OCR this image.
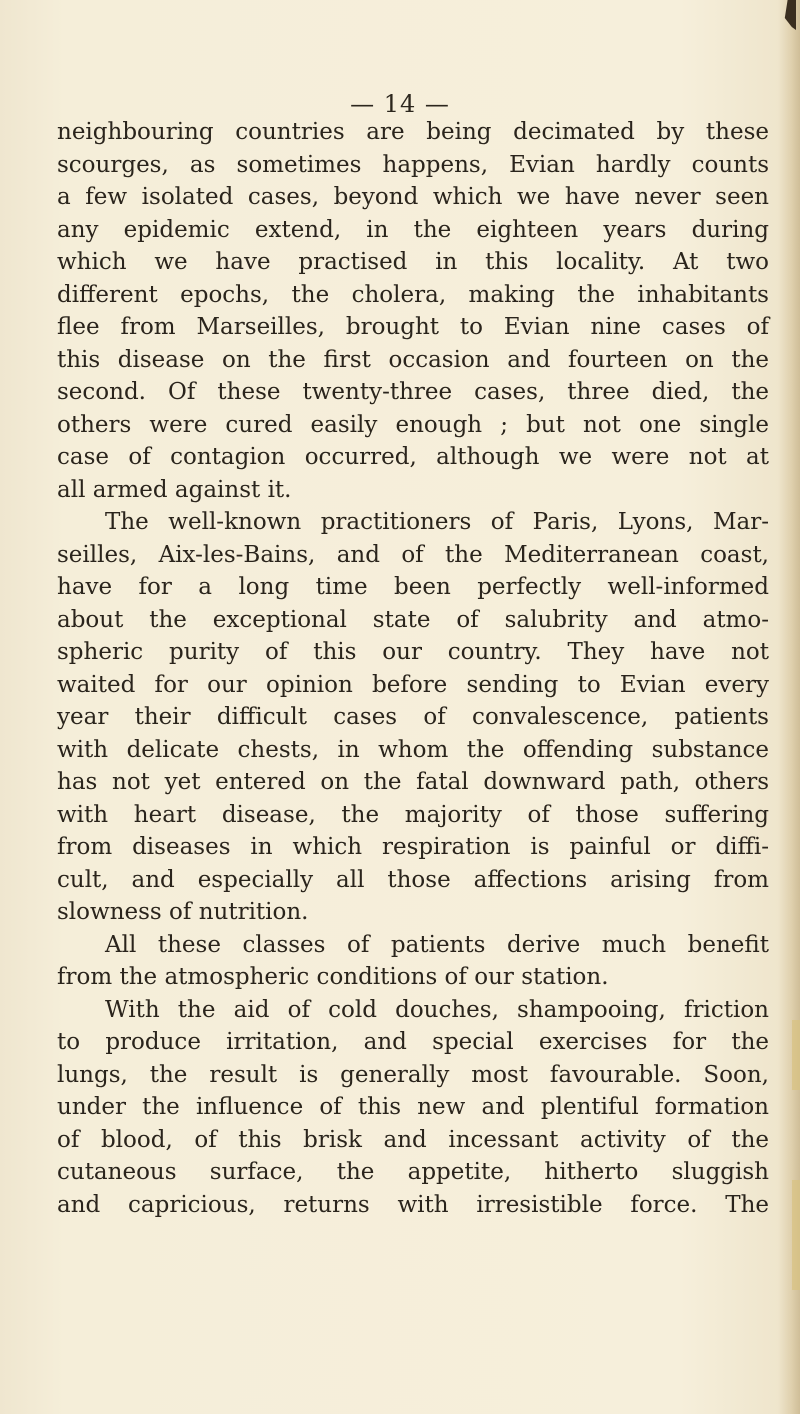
— 14 —
neighbouring countries are being decimated by these
scourges, as sometimes happens, Evian hardly counts
a few isolated cases, beyond which we have never seen
any epidemic extend, in the eighteen years during
which we have practised in this locality. At two
different epochs, the cholera, making the inhabitants
flee from Marseilles, brought to Evian nine cases of
this disease on the first occasion and fourteen on the
second. Of these twenty-three cases, three died, the
others were cured easily enough ; but not one single
case of contagion occurred, although we were not at
all armed against it.
The well-known practitioners of Paris, Lyons, Mar-
seilles, Aix-les-Bains, and of the Mediterranean coast,
have for a long time been perfectly well-informed
about the exceptional state of salubrity and atmo-
spheric purity of this our country. They have not
waited for our opinion before sending to Evian every
year their difficult cases of convalescence, patients
with delicate chests, in whom the offending substance
has not yet entered on the fatal downward path, others
with heart disease, the majority of those suffering
from diseases in which respiration is painful or diffi-
cult, and especially all those affections arising from
slowness of nutrition.
All these classes of patients derive much benefit
from the atmospheric conditions of our station.
With the aid of cold douches, shampooing, friction
to produce irritation, and special exercises for the
lungs, the result is generally most favourable. Soon,
under the influence of this new and plentiful formation
of blood, of this brisk and incessant activity of the
cutaneous surface, the appetite, hitherto sluggish
and capricious, returns with irresistible force. The
